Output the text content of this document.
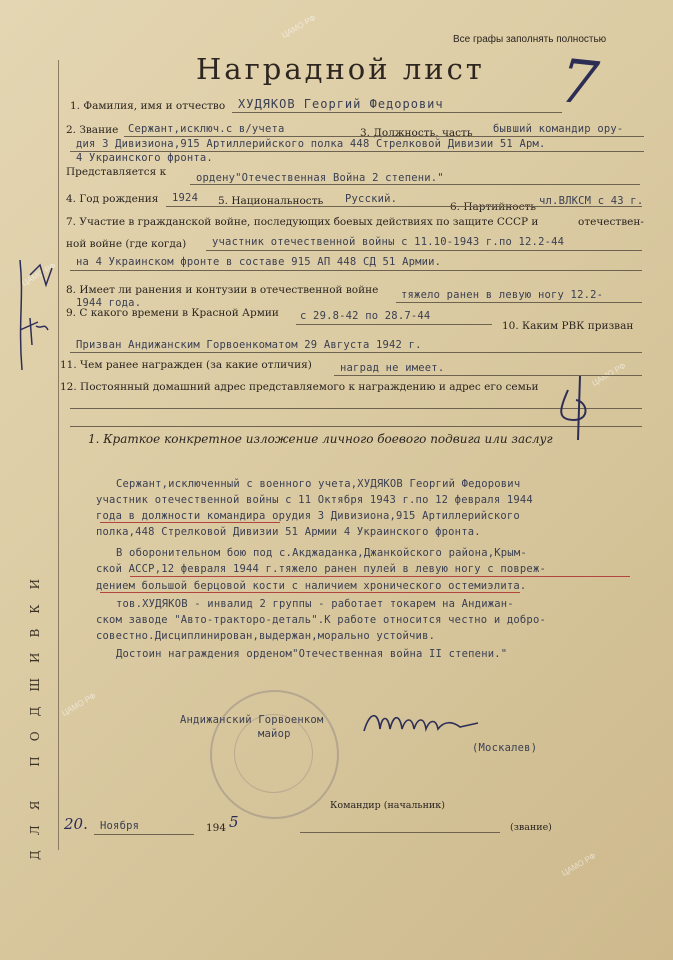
ДЛЯ ПОДШИВКИ
ЦАМО РФ
ЦАМО РФ
ЦАМО РФ
ЦАМО РФ
ЦАМО РФ
Все графы заполнять полностью
Наградной лист 7
1. Фамилия, имя и отчество ХУДЯКОВ Георгий Федорович
2. Звание Сержант,исключ.с в/учета	3. Должность, часть бывший командир ору-
дия 3 Дивизиона,915 Артиллерийского полка 448 Стрелковой Дивизии 51 Арм.
4 Украинского фронта.
Представляется к	ордену"Отечественная Война 2 степени."
4. Год рождения 1924 5. Национальность Русский.
6. Партийность чл.ВЛКСМ с 43 г.
7. Участие в гражданской войне, последующих боевых действиях по защите СССР и	отечествен-
ной войне (где когда) участник отечественной войны с 11.10-1943 г.по 12.2-44
на 4 Украинском фронте в составе 915 АП 448 СД 51 Армии.
8. Имеет ли ранения и контузии в отечественной войне тяжело ранен в левую ногу 12.2-
1944 года.
9. С какого времени в Красной Армии с 29.8-42 по 28.7-44
10. Каким РВК призван
Призван Андижанским Горвоенкоматом 29 Августа 1942 г.
11. Чем ранее награжден (за какие отличия)	наград не имеет.
12. Постоянный домашний адрес представляемого к награждению и адрес его семьи
1. Краткое конкретное изложение личного боевого подвига или заслуг
Сержант,исключенный с военного учета,ХУДЯКОВ Георгий Федорович
участник отечественной войны с 11 Октября 1943 г.по 12 февраля 1944
года в должности командира орудия 3 Дивизиона,915 Артиллерийского
полка,448 Стрелковой Дивизии 51 Армии 4 Украинского фронта.
В оборонительном бою под с.Акджаданка,Джанкойского района,Крым-
ской АССР,12 февраля 1944 г.тяжело ранен пулей в левую ногу с повреж-
дением большой берцовой кости с наличием хронического остемиэлита.
тов.ХУДЯКОВ - инвалид 2 группы - работает токарем на Андижан-
ском заводе "Авто-тракторо-деталь".К работе относится честно и добро-
совестно.Дисциплинирован,выдержан,морально устойчив.
Достоин награждения орденом"Отечественная война II степени."
Андижанский Горвоенком
майор
(Москалев)
20. Ноября	194 5
Командир (начальник)
(звание)
